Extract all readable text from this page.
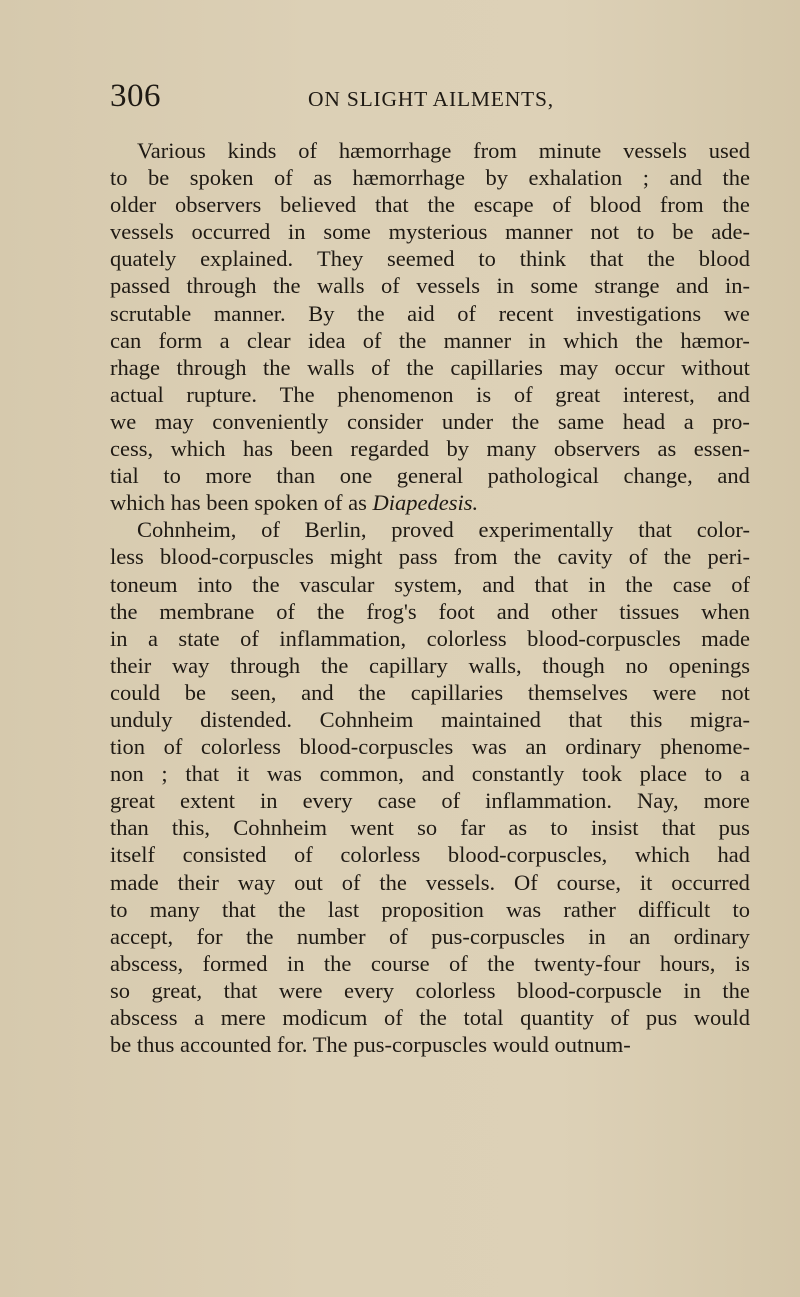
306	ON SLIGHT AILMENTS,
Various kinds of hæmorrhage from minute vessels used
to be spoken of as hæmorrhage by exhalation ; and the
older observers believed that the escape of blood from the
vessels occurred in some mysterious manner not to be ade-
quately explained. They seemed to think that the blood
passed through the walls of vessels in some strange and in-
scrutable manner. By the aid of recent investigations we
can form a clear idea of the manner in which the hæmor-
rhage through the walls of the capillaries may occur without
actual rupture. The phenomenon is of great interest, and
we may conveniently consider under the same head a pro-
cess, which has been regarded by many observers as essen-
tial to more than one general pathological change, and
which has been spoken of as Diapedesis.
Cohnheim, of Berlin, proved experimentally that color-
less blood-corpuscles might pass from the cavity of the peri-
toneum into the vascular system, and that in the case of
the membrane of the frog's foot and other tissues when
in a state of inflammation, colorless blood-corpuscles made
their way through the capillary walls, though no openings
could be seen, and the capillaries themselves were not
unduly distended. Cohnheim maintained that this migra-
tion of colorless blood-corpuscles was an ordinary phenome-
non ; that it was common, and constantly took place to a
great extent in every case of inflammation. Nay, more
than this, Cohnheim went so far as to insist that pus
itself consisted of colorless blood-corpuscles, which had
made their way out of the vessels. Of course, it occurred
to many that the last proposition was rather difficult to
accept, for the number of pus-corpuscles in an ordinary
abscess, formed in the course of the twenty-four hours, is
so great, that were every colorless blood-corpuscle in the
abscess a mere modicum of the total quantity of pus would
be thus accounted for. The pus-corpuscles would outnum-
